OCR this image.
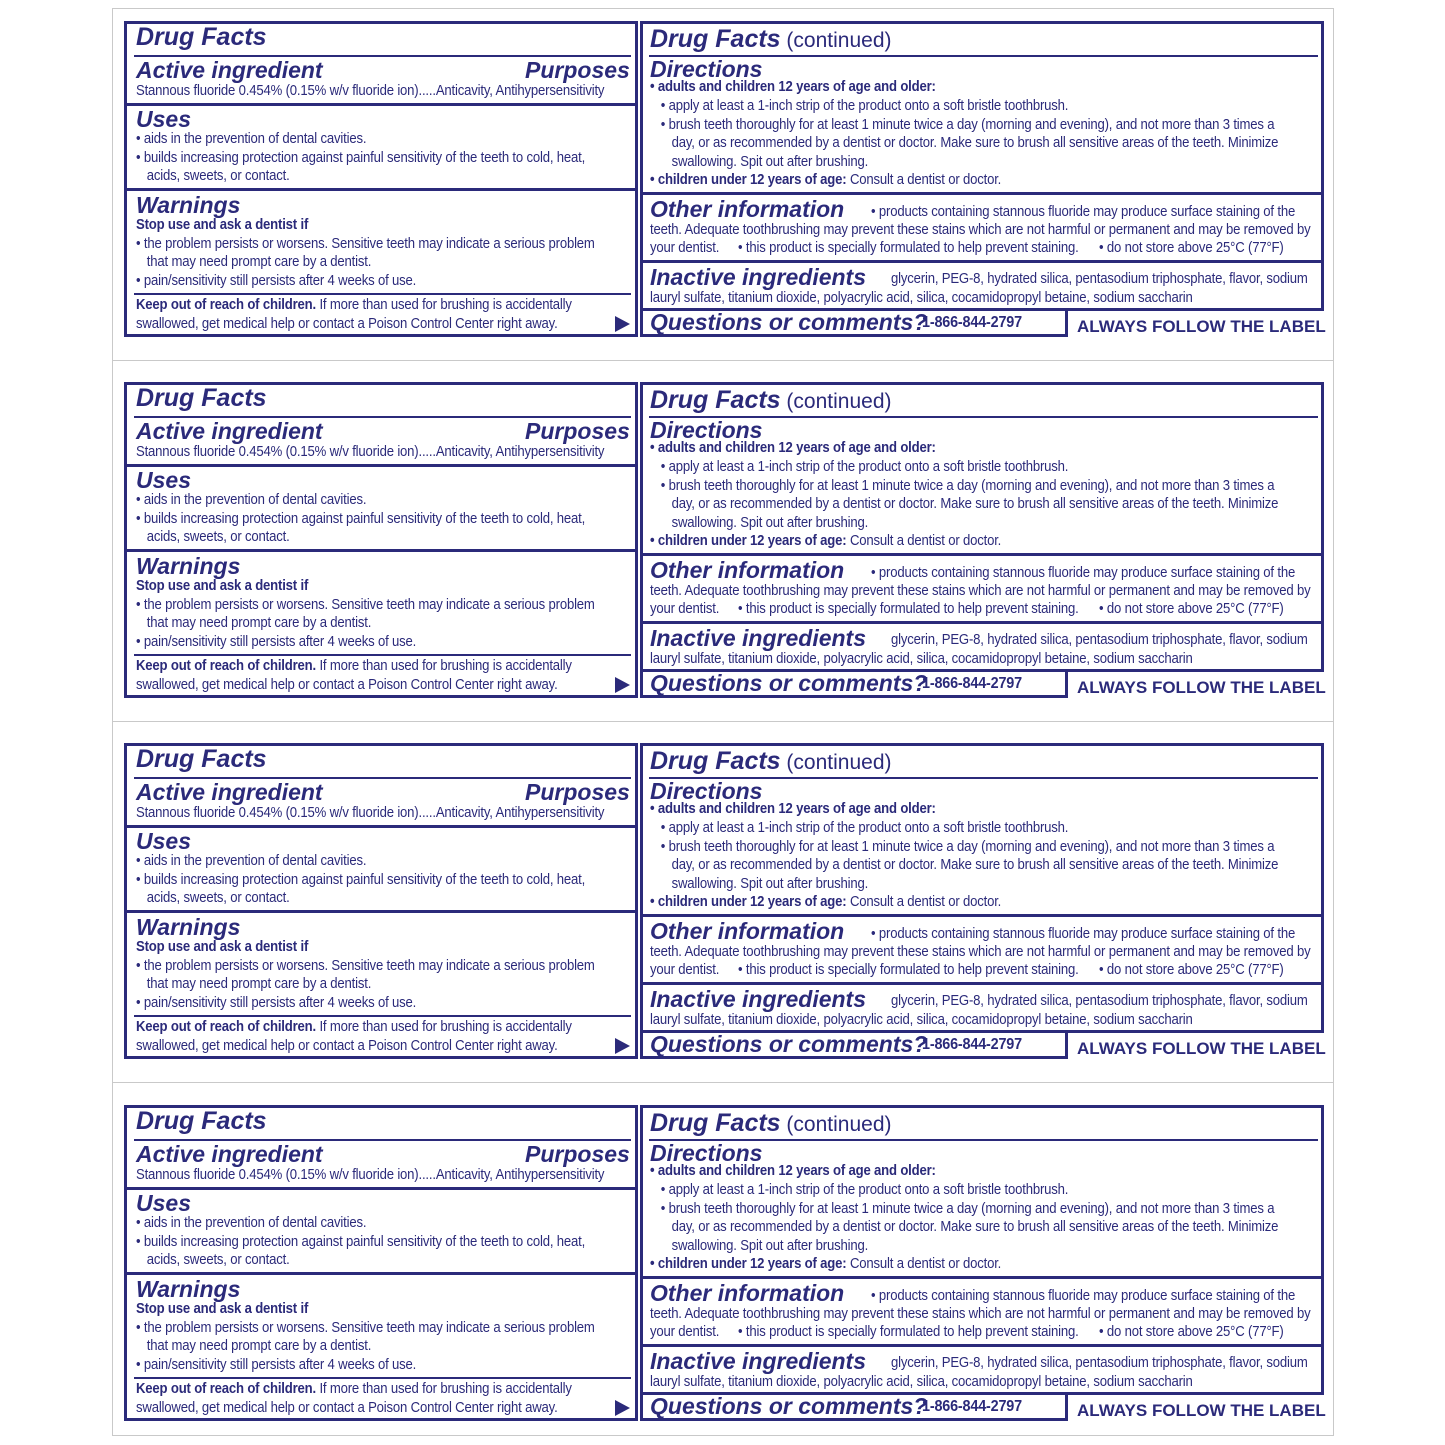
Drug Facts
Active ingredient	Purposes
Stannous fluoride 0.454% (0.15% w/v fluoride ion).....Anticavity, Antihypersensitivity
Uses
• aids in the prevention of dental cavities.
• builds increasing protection against painful sensitivity of the teeth to cold, heat,
acids, sweets, or contact.
Warnings
Stop use and ask a dentist if
• the problem persists or worsens. Sensitive teeth may indicate a serious problem
that may need prompt care by a dentist.
• pain/sensitivity still persists after 4 weeks of use.
Keep out of reach of children. If more than used for brushing is accidentally
swallowed, get medical help or contact a Poison Control Center right away.
Drug Facts (continued)
Directions
• adults and children 12 years of age and older:
• apply at least a 1-inch strip of the product onto a soft bristle toothbrush.
• brush teeth thoroughly for at least 1 minute twice a day (morning and evening), and not more than 3 times a
day, or as recommended by a dentist or doctor. Make sure to brush all sensitive areas of the teeth. Minimize
swallowing. Spit out after brushing.
• children under 12 years of age: Consult a dentist or doctor.
Other information • products containing stannous fluoride may produce surface staining of the
teeth. Adequate toothbrushing may prevent these stains which are not harmful or permanent and may be removed by
your dentist. • this product is specially formulated to help prevent staining. • do not store above 25°C (77°F)
Inactive ingredients glycerin, PEG-8, hydrated silica, pentasodium triphosphate, flavor, sodium
lauryl sulfate, titanium dioxide, polyacrylic acid, silica, cocamidopropyl betaine, sodium saccharin
Questions or comments?
1-866-844-2797	ALWAYS FOLLOW THE LABEL
Drug Facts
Active ingredient	Purposes
Stannous fluoride 0.454% (0.15% w/v fluoride ion).....Anticavity, Antihypersensitivity
Uses
• aids in the prevention of dental cavities.
• builds increasing protection against painful sensitivity of the teeth to cold, heat,
acids, sweets, or contact.
Warnings
Stop use and ask a dentist if
• the problem persists or worsens. Sensitive teeth may indicate a serious problem
that may need prompt care by a dentist.
• pain/sensitivity still persists after 4 weeks of use.
Keep out of reach of children. If more than used for brushing is accidentally
swallowed, get medical help or contact a Poison Control Center right away.
Drug Facts (continued)
Directions
• adults and children 12 years of age and older:
• apply at least a 1-inch strip of the product onto a soft bristle toothbrush.
• brush teeth thoroughly for at least 1 minute twice a day (morning and evening), and not more than 3 times a
day, or as recommended by a dentist or doctor. Make sure to brush all sensitive areas of the teeth. Minimize
swallowing. Spit out after brushing.
• children under 12 years of age: Consult a dentist or doctor.
Other information • products containing stannous fluoride may produce surface staining of the
teeth. Adequate toothbrushing may prevent these stains which are not harmful or permanent and may be removed by
your dentist. • this product is specially formulated to help prevent staining. • do not store above 25°C (77°F)
Inactive ingredients glycerin, PEG-8, hydrated silica, pentasodium triphosphate, flavor, sodium
lauryl sulfate, titanium dioxide, polyacrylic acid, silica, cocamidopropyl betaine, sodium saccharin
Questions or comments?
1-866-844-2797	ALWAYS FOLLOW THE LABEL
Drug Facts
Active ingredient	Purposes
Stannous fluoride 0.454% (0.15% w/v fluoride ion).....Anticavity, Antihypersensitivity
Uses
• aids in the prevention of dental cavities.
• builds increasing protection against painful sensitivity of the teeth to cold, heat,
acids, sweets, or contact.
Warnings
Stop use and ask a dentist if
• the problem persists or worsens. Sensitive teeth may indicate a serious problem
that may need prompt care by a dentist.
• pain/sensitivity still persists after 4 weeks of use.
Keep out of reach of children. If more than used for brushing is accidentally
swallowed, get medical help or contact a Poison Control Center right away.
Drug Facts (continued)
Directions
• adults and children 12 years of age and older:
• apply at least a 1-inch strip of the product onto a soft bristle toothbrush.
• brush teeth thoroughly for at least 1 minute twice a day (morning and evening), and not more than 3 times a
day, or as recommended by a dentist or doctor. Make sure to brush all sensitive areas of the teeth. Minimize
swallowing. Spit out after brushing.
• children under 12 years of age: Consult a dentist or doctor.
Other information • products containing stannous fluoride may produce surface staining of the
teeth. Adequate toothbrushing may prevent these stains which are not harmful or permanent and may be removed by
your dentist. • this product is specially formulated to help prevent staining. • do not store above 25°C (77°F)
Inactive ingredients glycerin, PEG-8, hydrated silica, pentasodium triphosphate, flavor, sodium
lauryl sulfate, titanium dioxide, polyacrylic acid, silica, cocamidopropyl betaine, sodium saccharin
Questions or comments?
1-866-844-2797	ALWAYS FOLLOW THE LABEL
Drug Facts
Active ingredient	Purposes
Stannous fluoride 0.454% (0.15% w/v fluoride ion).....Anticavity, Antihypersensitivity
Uses
• aids in the prevention of dental cavities.
• builds increasing protection against painful sensitivity of the teeth to cold, heat,
acids, sweets, or contact.
Warnings
Stop use and ask a dentist if
• the problem persists or worsens. Sensitive teeth may indicate a serious problem
that may need prompt care by a dentist.
• pain/sensitivity still persists after 4 weeks of use.
Keep out of reach of children. If more than used for brushing is accidentally
swallowed, get medical help or contact a Poison Control Center right away.
Drug Facts (continued)
Directions
• adults and children 12 years of age and older:
• apply at least a 1-inch strip of the product onto a soft bristle toothbrush.
• brush teeth thoroughly for at least 1 minute twice a day (morning and evening), and not more than 3 times a
day, or as recommended by a dentist or doctor. Make sure to brush all sensitive areas of the teeth. Minimize
swallowing. Spit out after brushing.
• children under 12 years of age: Consult a dentist or doctor.
Other information • products containing stannous fluoride may produce surface staining of the
teeth. Adequate toothbrushing may prevent these stains which are not harmful or permanent and may be removed by
your dentist. • this product is specially formulated to help prevent staining. • do not store above 25°C (77°F)
Inactive ingredients glycerin, PEG-8, hydrated silica, pentasodium triphosphate, flavor, sodium
lauryl sulfate, titanium dioxide, polyacrylic acid, silica, cocamidopropyl betaine, sodium saccharin
Questions or comments?
1-866-844-2797	ALWAYS FOLLOW THE LABEL
